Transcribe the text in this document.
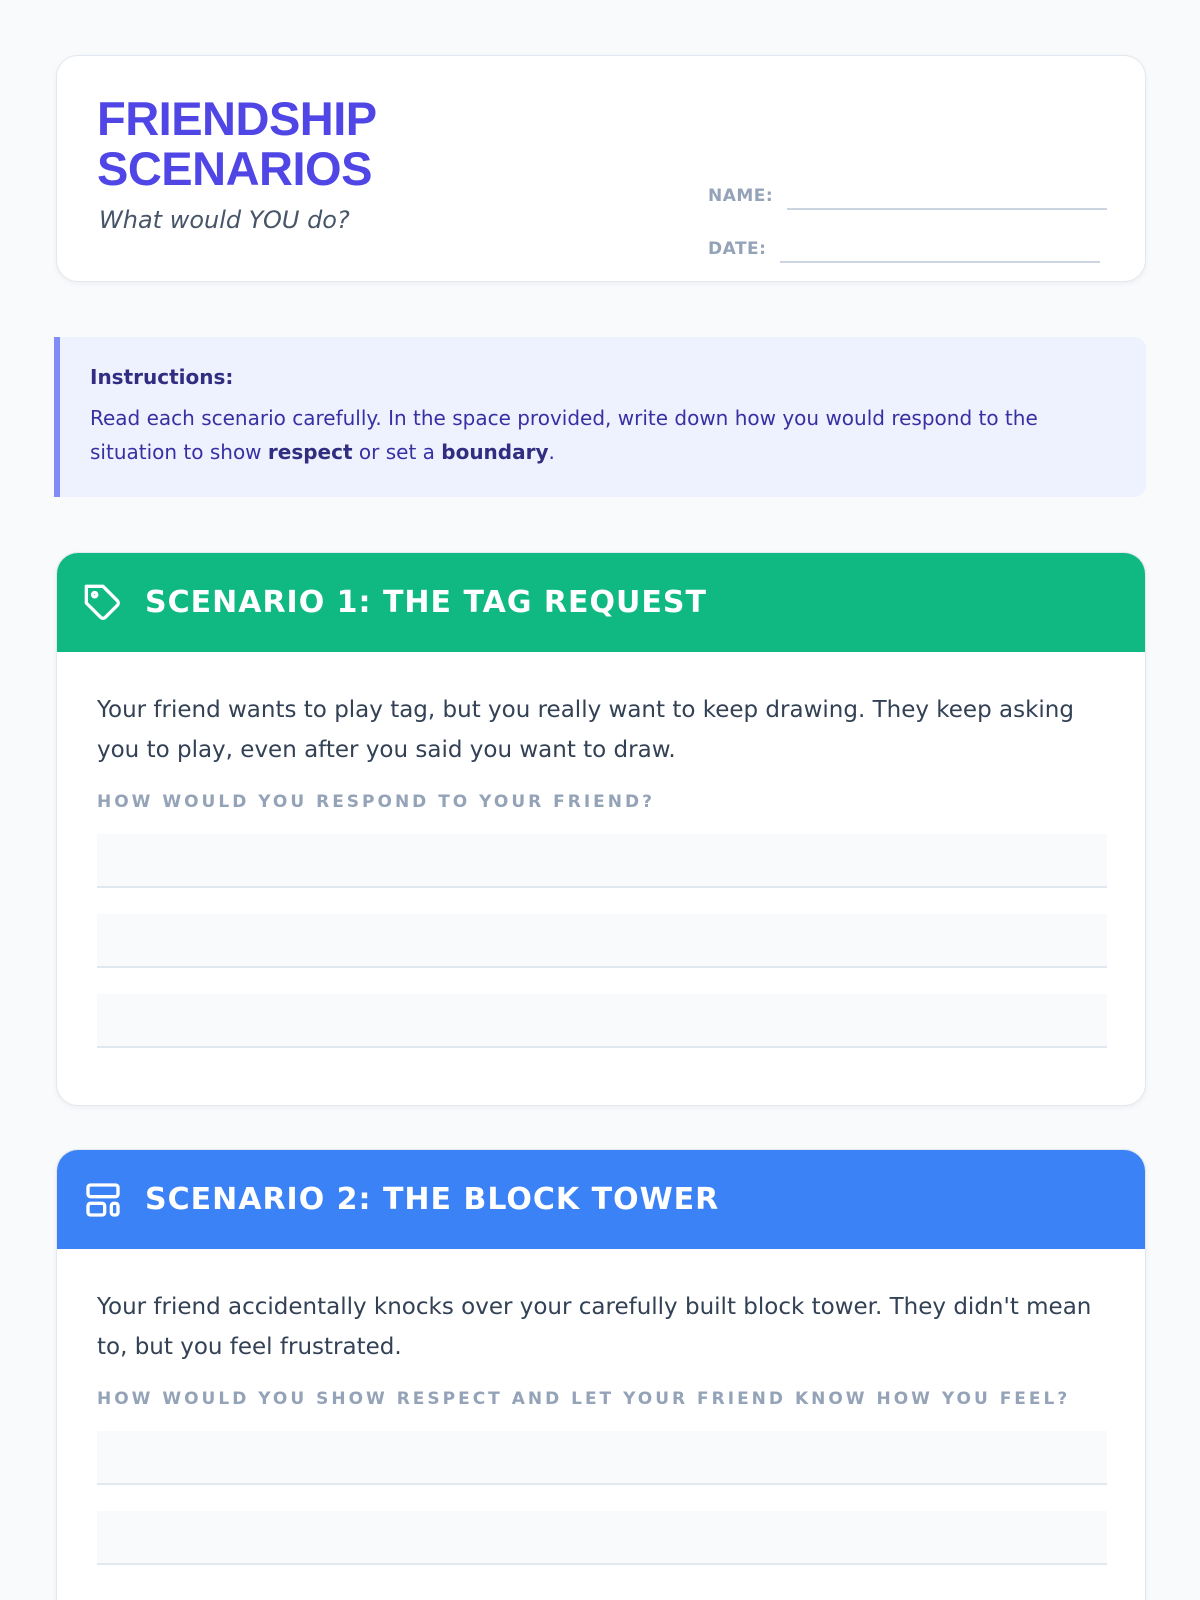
FRIENDSHIP
SCENARIOS
What would YOU do?
NAME:
DATE:
Instructions:
Read each scenario carefully. In the space provided, write down how you would respond to the situation to show respect or set a boundary.
SCENARIO 1: THE TAG REQUEST
Your friend wants to play tag, but you really want to keep drawing. They keep asking you to play, even after you said you want to draw.
HOW WOULD YOU RESPOND TO YOUR FRIEND?
SCENARIO 2: THE BLOCK TOWER
Your friend accidentally knocks over your carefully built block tower. They didn't mean to, but you feel frustrated.
HOW WOULD YOU SHOW RESPECT AND LET YOUR FRIEND KNOW HOW YOU FEEL?
